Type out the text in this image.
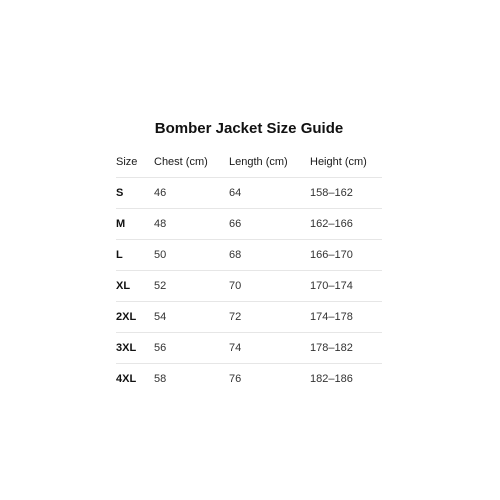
Bomber Jacket Size Guide
Size	Chest (cm)	Length (cm)	Height (cm)
S	46	64	158–162
M	48	66	162–166
L	50	68	166–170
XL	52	70	170–174
2XL	54	72	174–178
3XL	56	74	178–182
4XL	58	76	182–186
